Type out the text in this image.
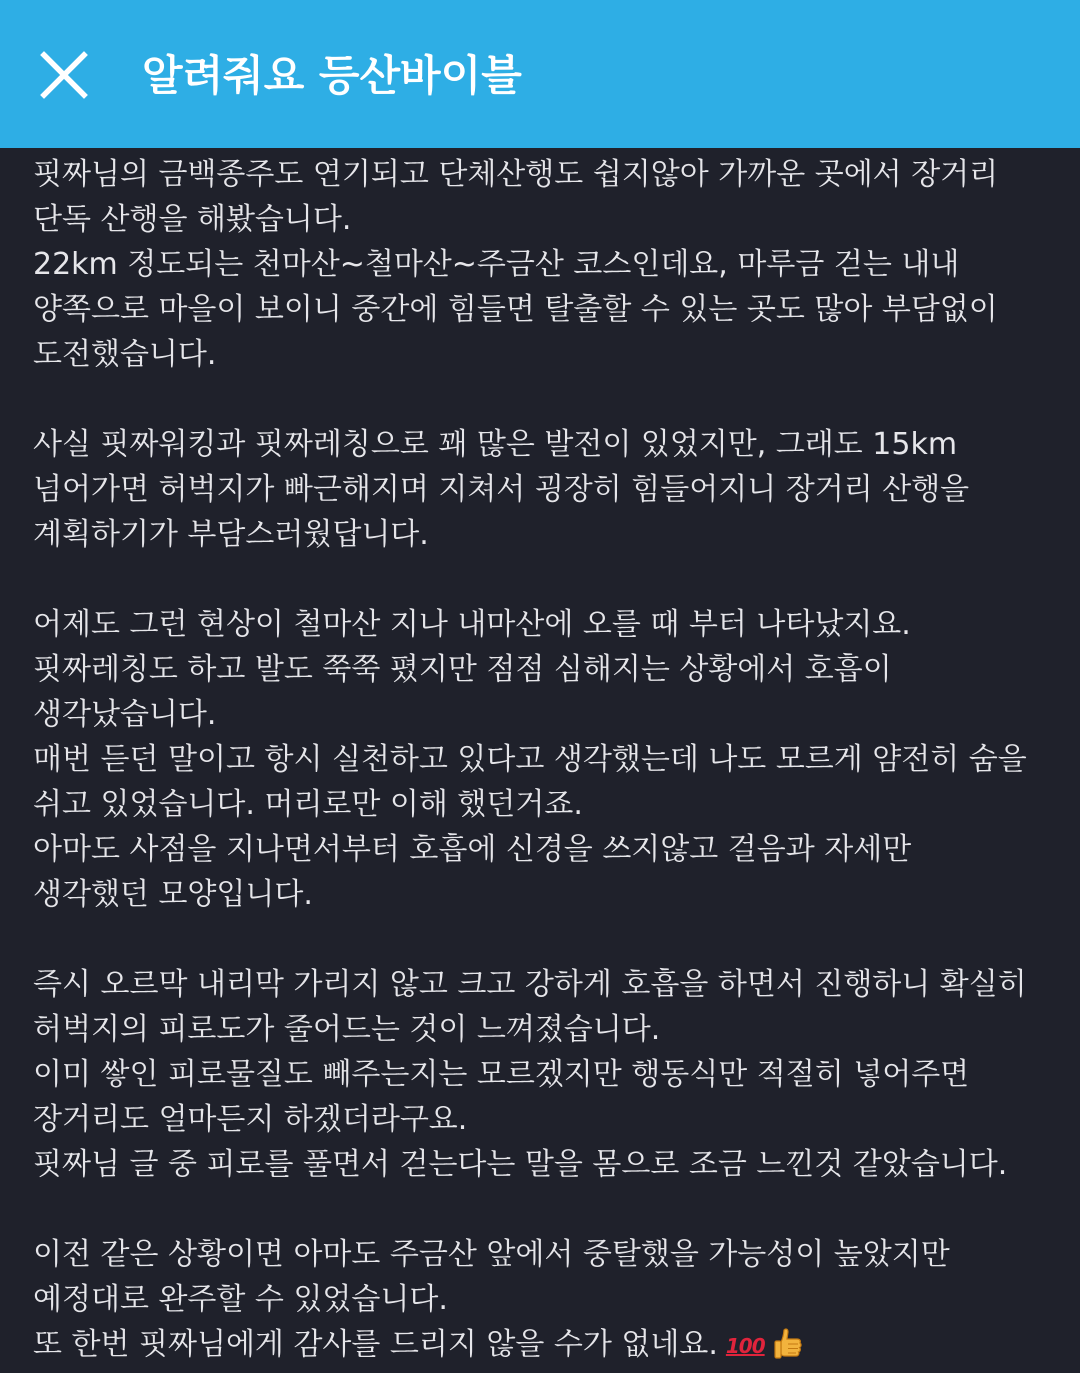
알려줘요 등산바이블
핏짜님의 금백종주도 연기되고 단체산행도 쉽지않아 가까운 곳에서 장거리
단독 산행을 해봤습니다.
22km 정도되는 천마산~철마산~주금산 코스인데요, 마루금 걷는 내내
양쪽으로 마을이 보이니 중간에 힘들면 탈출할 수 있는 곳도 많아 부담없이
도전했습니다.
사실 핏짜워킹과 핏짜레칭으로 꽤 많은 발전이 있었지만, 그래도 15km
넘어가면 허벅지가 빠근해지며 지쳐서 굉장히 힘들어지니 장거리 산행을
계획하기가 부담스러웠답니다.
어제도 그런 현상이 철마산 지나 내마산에 오를 때 부터 나타났지요.
핏짜레칭도 하고 발도 쭉쭉 폈지만 점점 심해지는 상황에서 호흡이
생각났습니다.
매번 듣던 말이고 항시 실천하고 있다고 생각했는데 나도 모르게 얌전히 숨을
쉬고 있었습니다. 머리로만 이해 했던거죠.
아마도 사점을 지나면서부터 호흡에 신경을 쓰지않고 걸음과 자세만
생각했던 모양입니다.
즉시 오르막 내리막 가리지 않고 크고 강하게 호흡을 하면서 진행하니 확실히
허벅지의 피로도가 줄어드는 것이 느껴졌습니다.
이미 쌓인 피로물질도 빼주는지는 모르겠지만 행동식만 적절히 넣어주면
장거리도 얼마든지 하겠더라구요.
핏짜님 글 중 피로를 풀면서 걷는다는 말을 몸으로 조금 느낀것 같았습니다.
이전 같은 상황이면 아마도 주금산 앞에서 중탈했을 가능성이 높았지만
예정대로 완주할 수 있었습니다.
또 한번 핏짜님에게 감사를 드리지 않을 수가 없네요. 100
